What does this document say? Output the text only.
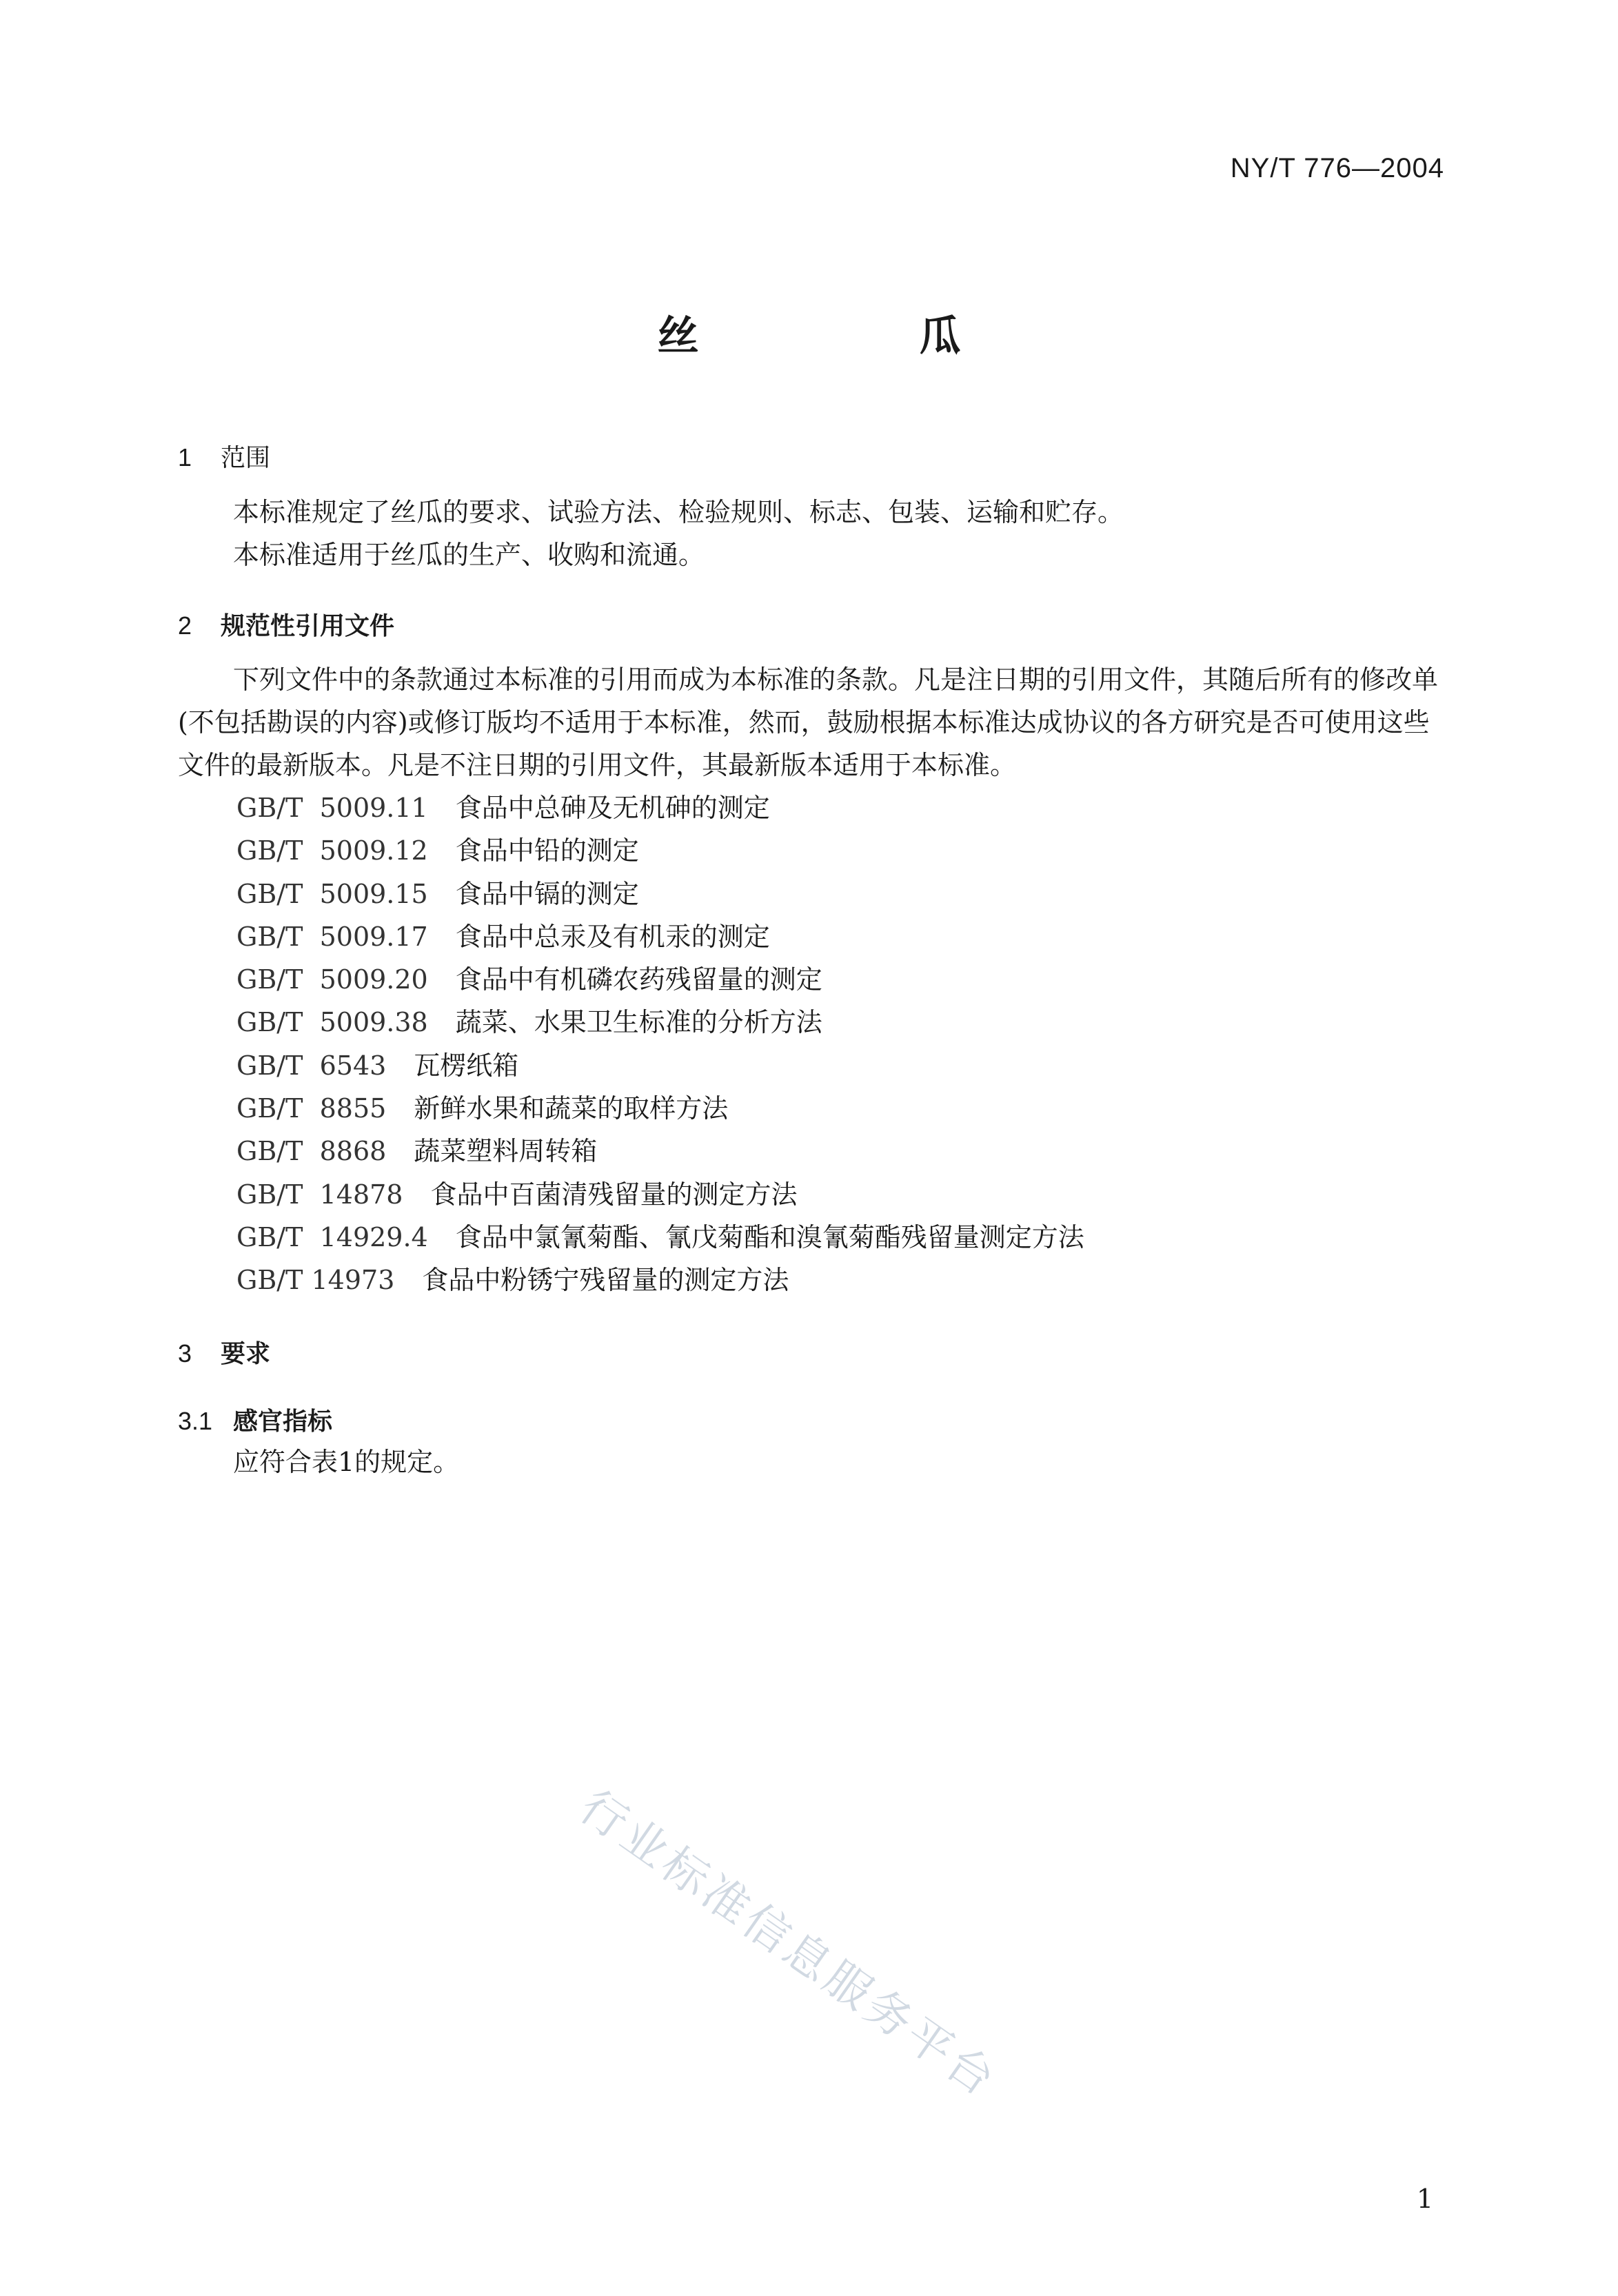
NY/T 776—2004
丝　瓜
1	范围

本标准规定了丝瓜的要求、试验方法、检验规则、标志、包装、运输和贮存。

本标准适用于丝瓜的生产、收购和流通。

2	规范性引用文件

下列文件中的条款通过本标准的引用而成为本标准的条款。凡是注日期的引用文件，其随后所有的修改单(不包括勘误的内容)或修订版均不适用于本标准，然而，鼓励根据本标准达成协议的各方研究是否可使用这些文件的最新版本。凡是不注日期的引用文件，其最新版本适用于本标准。

GB/T  5009.11 食品中总砷及无机砷的测定
GB/T  5009.12 食品中铅的测定
GB/T  5009.15 食品中镉的测定
GB/T  5009.17 食品中总汞及有机汞的测定
GB/T  5009.20 食品中有机磷农药残留量的测定
GB/T  5009.38 蔬菜、水果卫生标准的分析方法
GB/T  6543 瓦楞纸箱
GB/T  8855 新鲜水果和蔬菜的取样方法
GB/T  8868 蔬菜塑料周转箱
GB/T  14878 食品中百菌清残留量的测定方法
GB/T  14929.4 食品中氯氰菊酯、氰戊菊酯和溴氰菊酯残留量测定方法
GB/T 14973 食品中粉锈宁残留量的测定方法
3	要求
3.1 感官指标

应符合表1的规定。

行业标准信息服务平台
1
